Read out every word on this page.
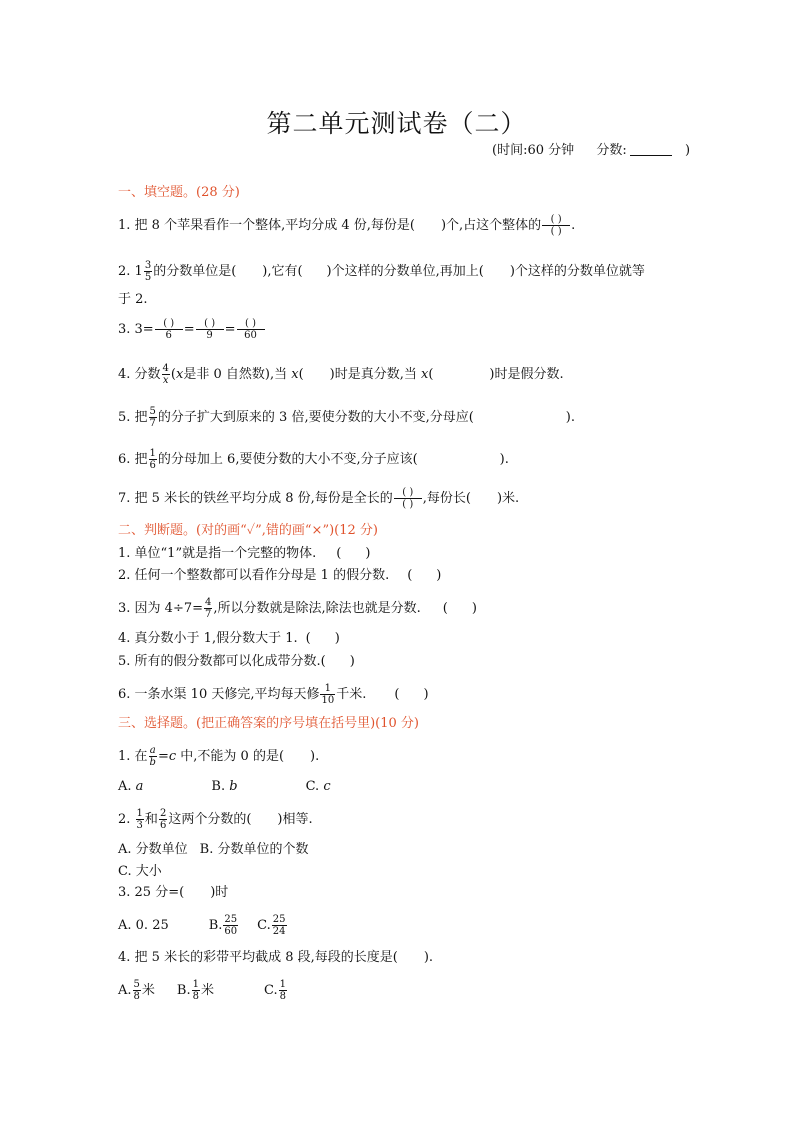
第二单元测试卷（二）
(时间:60 分钟 分数:	)
一、填空题。(28 分)
1. 把 8 个苹果看作一个整体,平均分成 4 份,每份是( )个,占这个整体的 ( )
( ) .
2. $1 \frac{3}{5}$ 的分数单位是( ),它有( )个这样的分数单位,再加上( )个这样的分数单位就等
于 2.
3. 3= ( )
6 = ( )
9 = ( )
60
4. 分数 $\frac{4}{x} (x$是非 0 自然数),当 x( )时是真分数,当 x(	)时是假分数.
5. 把 $\frac{5}{7}$ 的分子扩大到原来的 3 倍,要使分数的大小不变,分母应(	).
6. 把 $\frac{1}{6}$ 的分母加上 6,要使分数的大小不变,分子应该(	).
7. 把 5 米长的铁丝平均分成 8 份,每份是全长的 ( )
( ) ,每份长( )米.
二、判断题。(对的画“✓”,错的画“×”)(12 分)
1. 单位“1”就是指一个完整的物体. ( )
2. 任何一个整数都可以看作分母是 1 的假分数. ( )
3. 因为 $4\div 7= \frac{4}{7}$ ,所以分数就是除法,除法也就是分数. ( )
4. 真分数小于 1,假分数大于 1. ( )
5. 所有的假分数都可以化成带分数.( )
6. 一条水渠 10 天修完,平均每天修 $\frac{1}{10}$ 千米. ( )
三、选择题。(把正确答案的序号填在括号里)(10 分)
1. 在 $\frac{a}{b} =c$ 中,不能为 0 的是( ).
A. a	B. b	C. c
2. $\frac{1}{3}$ 和 $\frac{2}{6}$ 这两个分数的( )相等.
A. 分数单位 B. 分数单位的个数
C. 大小
3. 25 分=( )时
A. 0. 25	B. $\frac{25}{60} C$. $\frac{25}{24}$
4. 把 5 米长的彩带平均截成 8 段,每段的长度是( ).
A. $\frac{5}{8}$ 米 B. $\frac{1}{8}$ 米	C. $\frac{1}{8}$
